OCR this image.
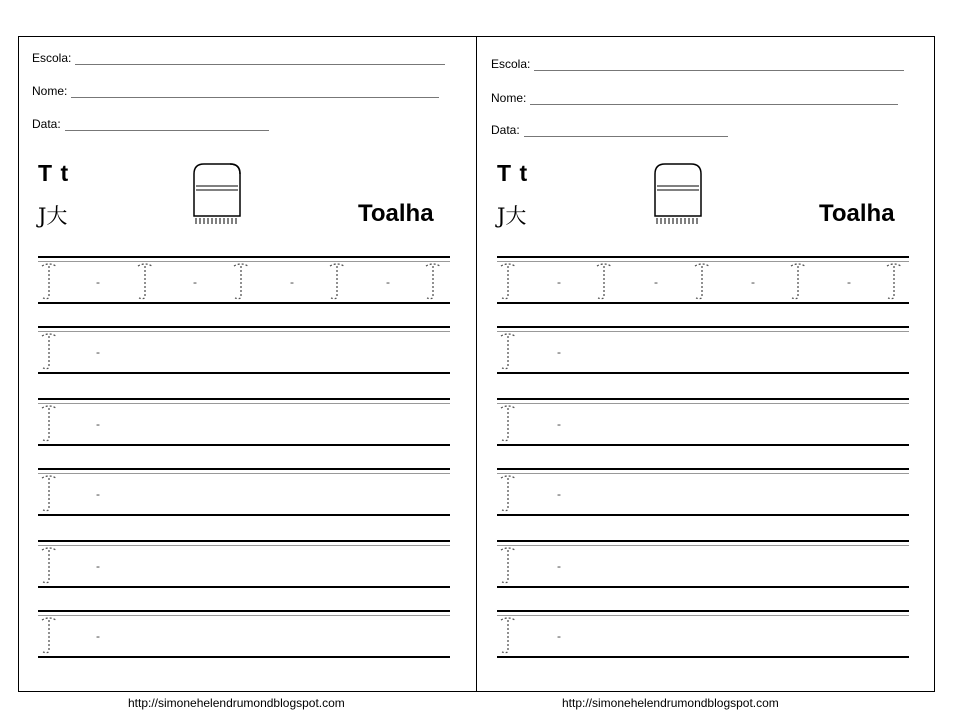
Escola:
Nome:
Data:
T t
J大	Toalha
-	-	-	-
-
-
-
-
-
Escola:
Nome:
Data:
T t
J大	Toalha
-	-	-	-
-
-
-
-
-
http://simonehelendrumondblogspot.com	http://simonehelendrumondblogspot.com
